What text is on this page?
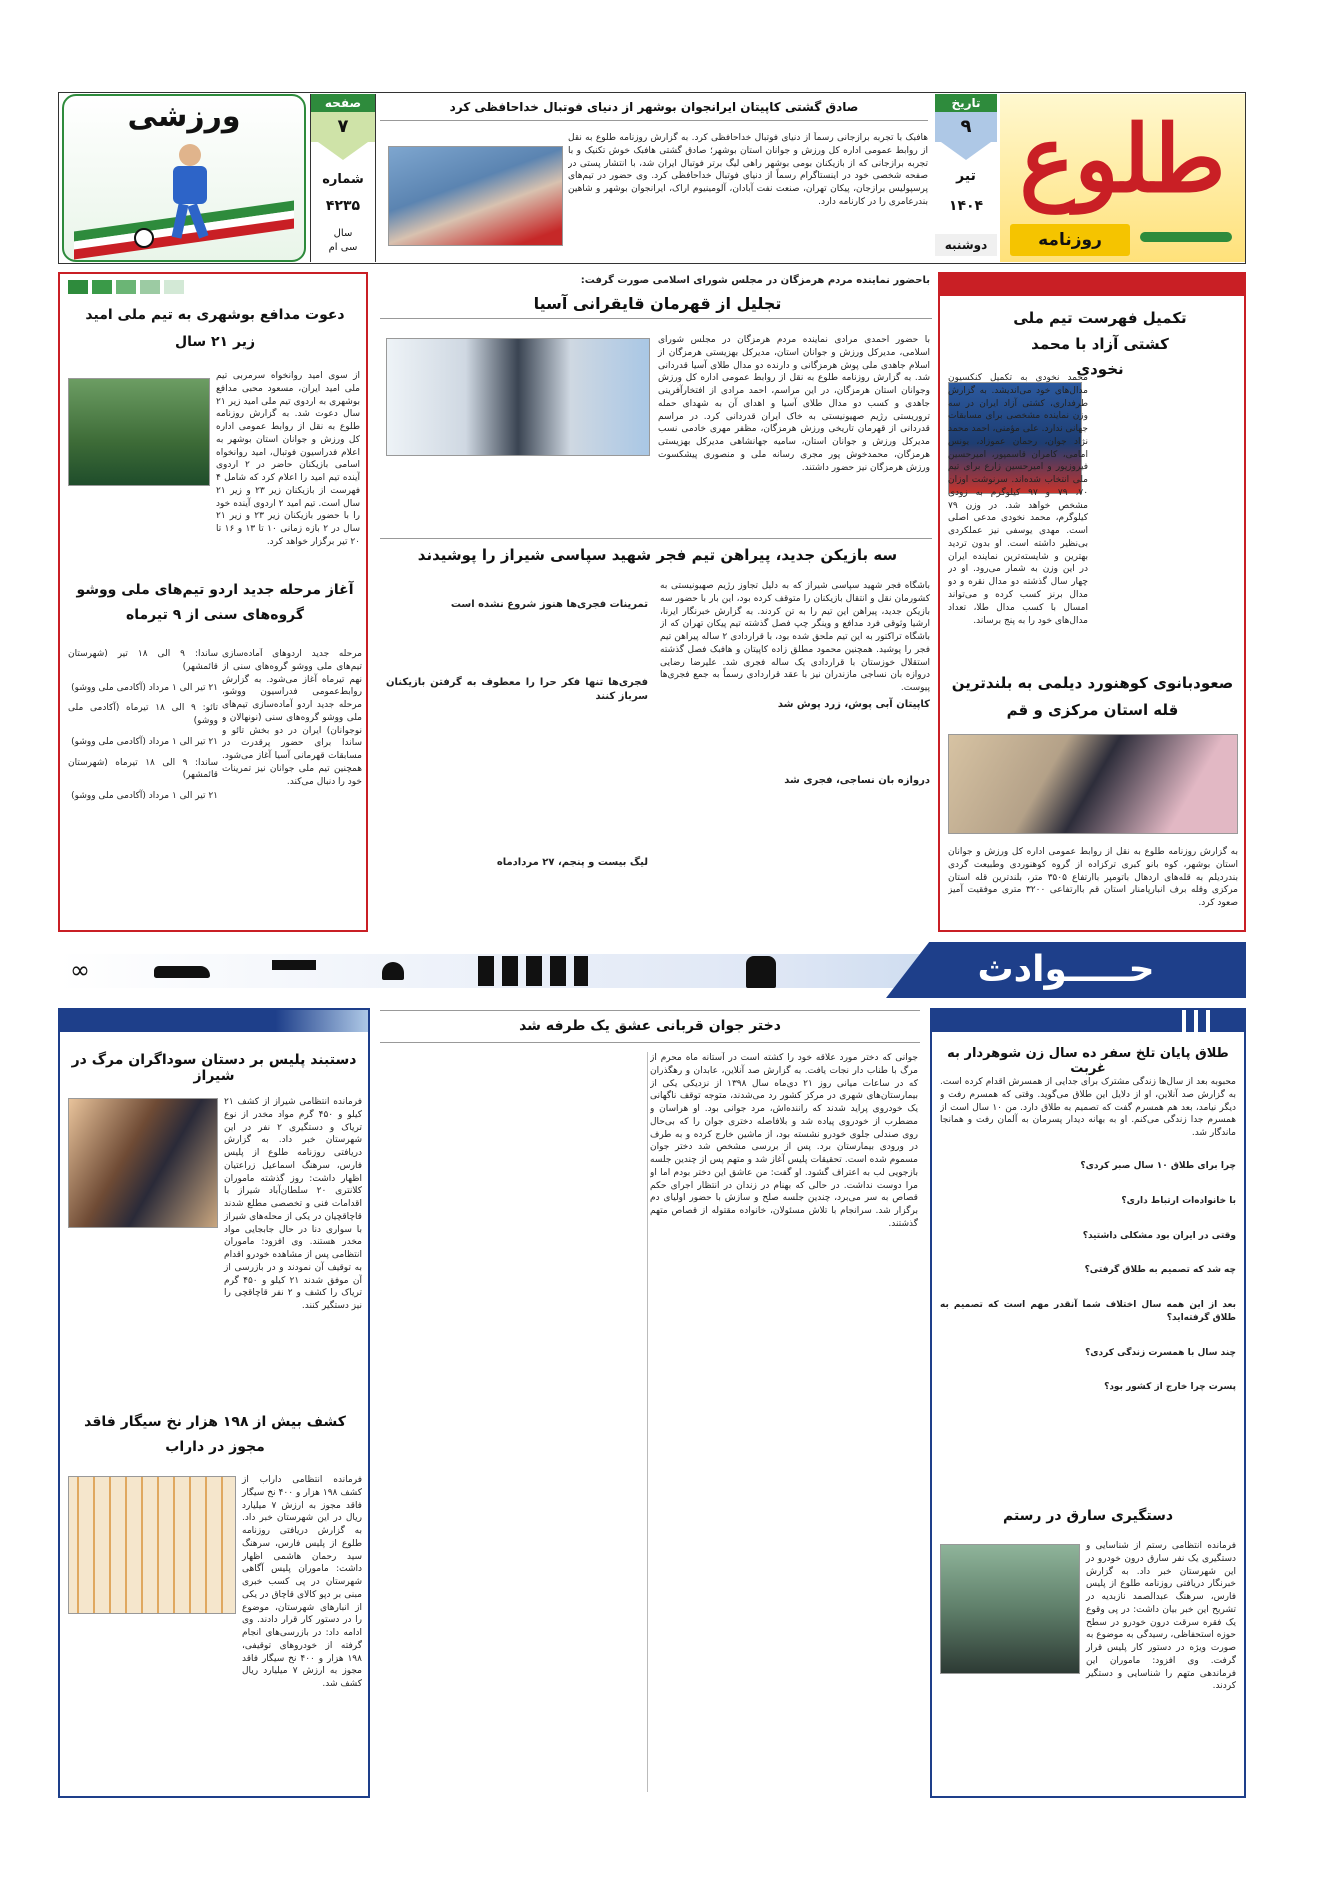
طلوع
روزنامه
تاریخ
۹
تیر
۱۴۰۴
دوشنبه
صادق گشتی کاپیتان ایرانجوان بوشهر از دنیای فوتبال خداحافظی کرد
هافبک با تجربه برازجانی رسماً از دنیای فوتبال خداحافظی کرد. به گزارش روزنامه طلوع به نقل از روابط عمومی اداره کل ورزش و جوانان استان بوشهر؛ صادق گشتی هافبک خوش تکنیک و با تجربه برازجانی که از بازیکنان بومی بوشهر راهی لیگ برتر فوتبال ایران شد، با انتشار پستی در صفحه شخصی خود در اینستاگرام رسماً از دنیای فوتبال خداحافظی کرد. وی حضور در تیم‌های پرسپولیس برازجان، پیکان تهران، صنعت نفت آبادان، آلومینیوم اراک، ایرانجوان بوشهر و شاهین بندرعامری را در کارنامه دارد.
صفحه
۷
شماره
۴۲۳۵
سال
سی ام
ورزشی
تکمیل فهرست تیم ملی کشتی آزاد با محمد نخودی
محمد نخودی به تکمیل کنکسیون مدال‌های خود می‌اندیشد. به گزارش طرفداری، کشتی آزاد ایران در سه وزن نماینده مشخصی برای مسابقات جهانی ندارد. علی مؤمنی، احمد محمد نژاد جوان، رحمان عموزاد، یونس امامی، کامران قاسمپور، امیرحسین فیروزپور و امیرحسین زارع برای تیم ملی انتخاب شده‌اند. سرنوشت اوزان ۷۰، ۷۹ و ۹۷ کیلوگرم به زودی مشخص خواهد شد. در وزن ۷۹ کیلوگرم، محمد نخودی مدعی اصلی است. مهدی یوسفی نیز عملکردی بی‌نظیر داشته است. او بدون تردید بهترین و شایسته‌ترین نماینده ایران در این وزن به شمار می‌رود. او در چهار سال گذشته دو مدال نقره و دو مدال برنز کسب کرده و می‌تواند امسال با کسب مدال طلا، تعداد مدال‌های خود را به پنج برساند.
صعودبانوی کوهنورد دیلمی به بلندترین قله استان مرکزی و قم
به گزارش روزنامه طلوع به نقل از روابط عمومی اداره کل ورزش و جوانان استان بوشهر، کوه بانو کبری ترکزاده از گروه کوهنوردی وطبیعت گردی بندردیلم به قله‌های اردهال باتومپر باارتفاع ۳۵۰۵ متر، بلندترین قله استان مرکزی وقله برف انبارپامنار استان قم باارتفاعی ۳۲۰۰ متری موفقیت آمیز صعود کرد.
باحضور نماینده مردم هرمزگان در مجلس شورای اسلامی صورت گرفت:
تجلیل از قهرمان قایقرانی آسیا
با حضور احمدی مرادی نماینده مردم هرمزگان در مجلس شورای اسلامی، مدیرکل ورزش و جوانان استان، مدیرکل بهزیستی هرمزگان از اسلام جاهدی ملی پوش هرمزگانی و دارنده دو مدال طلای آسیا قدردانی شد. به گزارش روزنامه طلوع به نقل از روابط عمومی اداره کل ورزش وجوانان استان هرمزگان، در این مراسم، احمد مرادی از افتخارآفرینی جاهدی و کسب دو مدال طلای آسیا و اهدای آن به شهدای حمله تروریستی رژیم صهیونیستی به خاک ایران قدردانی کرد. در مراسم قدردانی از قهرمان تاریخی ورزش هرمزگان، مظفر مهری خادمی نسب مدیرکل ورزش و جوانان استان، سامیه جهانشاهی مدیرکل بهزیستی هرمزگان، محمدخوش پور مجری رسانه ملی و منصوری پیشکسوت ورزش هرمزگان نیز حضور داشتند.
سه بازیکن جدید، پیراهن تیم فجر شهید سپاسی شیراز را پوشیدند
تمرینات فجری‌ها هنوز شروع نشده است
فجری‌ها تنها فکر حرا را معطوف به گرفتن بازیکنان سرباز کنند
لیگ بیست و پنجم، ۲۷ مردادماه
کاپیتان آبی پوش، زرد پوش شد
دروازه بان نساجی، فجری شد
باشگاه فجر شهید سپاسی شیراز که به دلیل تجاوز رژیم صهیونیستی به کشورمان نقل و انتقال بازیکنان را متوقف کرده بود، این بار با حضور سه بازیکن جدید، پیراهن این تیم را به تن کردند. به گزارش خبرنگار ایرنا، ارشیا وثوقی فرد مدافع و وینگر چپ فصل گذشته تیم پیکان تهران که از باشگاه تراکتور به این تیم ملحق شده بود، با قراردادی ۲ ساله پیراهن تیم فجر را پوشید. همچنین محمود مطلق زاده کاپیتان و هافبک فصل گذشته استقلال خوزستان با قراردادی یک ساله فجری شد. علیرضا رضایی دروازه بان نساجی مازندران نیز با عقد قراردادی رسماً به جمع فجری‌ها پیوست.
دعوت مدافع بوشهری به تیم ملی امید زیر ۲۱ سال
از سوی امید روانخواه سرمربی تیم ملی امید ایران، مسعود محبی مدافع بوشهری به اردوی تیم ملی امید زیر ۲۱ سال دعوت شد. به گزارش روزنامه طلوع به نقل از روابط عمومی اداره کل ورزش و جوانان استان بوشهر به اعلام فدراسیون فوتبال، امید روانخواه اسامی بازیکنان حاضر در ۲ اردوی آینده تیم امید را اعلام کرد که شامل ۴ فهرست از بازیکنان زیر ۲۳ و زیر ۲۱ سال است. تیم امید ۲ اردوی آینده خود را با حضور بازیکنان زیر ۲۳ و زیر ۲۱ سال در ۲ بازه زمانی ۱۰ تا ۱۳ و ۱۶ تا ۲۰ تیر برگزار خواهد کرد.
آغاز مرحله جدید اردو تیم‌های ملی ووشو گروه‌های سنی از ۹ تیرماه
مرحله جدید اردوهای آماده‌سازی تیم‌های ملی ووشو گروه‌های سنی از نهم تیرماه آغاز می‌شود. به گزارش روابط‌عمومی فدراسیون ووشو، مرحله جدید اردو آماده‌سازی تیم‌های ملی ووشو گروه‌های سنی (نونهالان و نوجوانان) ایران در دو بخش تائو و ساندا برای حضور پرقدرت در مسابقات قهرمانی آسیا آغاز می‌شود. همچنین تیم ملی جوانان نیز تمرینات خود را دنبال می‌کند.
ساندا: ۹ الی ۱۸ تیر (شهرستان قائمشهر)
۲۱ تیر الی ۱ مرداد (آکادمی ملی ووشو)
تائو: ۹ الی ۱۸ تیرماه (آکادمی ملی ووشو)
۲۱ تیر الی ۱ مرداد (آکادمی ملی ووشو)
ساندا: ۹ الی ۱۸ تیرماه (شهرستان قائمشهر)
۲۱ تیر الی ۱ مرداد (آکادمی ملی ووشو)
حـــــوادث
∞
طلاق پایان تلخ سفر ده سال زن شوهردار به غربت
محبوبه بعد از سال‌ها زندگی مشترک برای جدایی از همسرش اقدام کرده است. به گزارش صد آنلاین، او از دلایل این طلاق می‌گوید. وقتی که همسرم رفت و دیگر نیامد، بعد هم همسرم گفت که تصمیم به طلاق دارد. من ۱۰ سال است از همسرم جدا زندگی می‌کنم. او به بهانه دیدار پسرمان به آلمان رفت و همانجا ماندگار شد.
چرا برای طلاق ۱۰ سال صبر کردی؟
با خانواده‌ات ارتباط داری؟
وقتی در ایران بود مشکلی داشتید؟
چه شد که تصمیم به طلاق گرفتی؟
بعد از این همه سال اختلاف شما آنقدر مهم است که تصمیم به طلاق گرفته‌اید؟
چند سال با همسرت زندگی کردی؟
پسرت چرا خارج از کشور بود؟
دستگیری سارق در رستم
فرمانده انتظامی رستم از شناسایی و دستگیری یک نفر سارق درون خودرو در این شهرستان خبر داد. به گزارش خبرنگار دریافتی روزنامه طلوع از پلیس فارس، سرهنگ عبدالصمد نازبدیه در تشریح این خبر بیان داشت: در پی وقوع یک فقره سرقت درون خودرو در سطح حوزه استحفاظی، رسیدگی به موضوع به صورت ویژه در دستور کار پلیس قرار گرفت. وی افزود: ماموران این فرماندهی متهم را شناسایی و دستگیر کردند.
دختر جوان قربانی عشق یک طرفه شد
جوانی که دختر مورد علاقه خود را کشته است در آستانه ماه محرم از مرگ با طناب دار نجات یافت. به گزارش صد آنلاین، عابدان و رهگذران که در ساعات میانی روز ۲۱ دی‌ماه سال ۱۳۹۸ از نزدیکی یکی از بیمارستان‌های شهری در مرکز کشور رد می‌شدند، متوجه توقف ناگهانی یک خودروی پراید شدند که راننده‌اش، مرد جوانی بود. او هراسان و مضطرب از خودروی پیاده شد و بلافاصله دختری جوان را که بی‌حال روی صندلی جلوی خودرو نشسته بود، از ماشین خارج کرده و به طرف در ورودی بیمارستان برد. پس از بررسی مشخص شد دختر جوان مسموم شده است. تحقیقات پلیس آغاز شد و متهم پس از چندین جلسه بازجویی لب به اعتراف گشود. او گفت: من عاشق این دختر بودم اما او مرا دوست نداشت. در حالی که بهنام در زندان در انتظار اجرای حکم قصاص به سر می‌برد، چندین جلسه صلح و سازش با حضور اولیای دم برگزار شد. سرانجام با تلاش مسئولان، خانواده مقتوله از قصاص متهم گذشتند.
دستبند پلیس بر دستان سوداگران مرگ در شیراز
فرمانده انتظامی شیراز از کشف ۲۱ کیلو و ۴۵۰ گرم مواد مخدر از نوع تریاک و دستگیری ۲ نفر در این شهرستان خبر داد. به گزارش دریافتی روزنامه طلوع از پلیس فارس، سرهنگ اسماعیل زراعتیان اظهار داشت: روز گذشته ماموران کلانتری ۲۰ سلطان‌آباد شیراز با اقدامات فنی و تخصصی مطلع شدند قاچاقچیان در یکی از محله‌های شیراز با سواری دنا در حال جابجایی مواد مخدر هستند. وی افزود: ماموران انتظامی پس از مشاهده خودرو اقدام به توقیف آن نمودند و در بازرسی از آن موفق شدند ۲۱ کیلو و ۴۵۰ گرم تریاک را کشف و ۲ نفر قاچاقچی را نیز دستگیر کنند.
کشف بیش از ۱۹۸ هزار نخ سیگار فاقد مجوز در داراب
فرمانده انتظامی داراب از کشف ۱۹۸ هزار و ۴۰۰ نخ سیگار فاقد مجوز به ارزش ۷ میلیارد ریال در این شهرستان خبر داد. به گزارش دریافتی روزنامه طلوع از پلیس فارس، سرهنگ سید رحمان هاشمی اظهار داشت: ماموران پلیس آگاهی شهرستان در پی کسب خبری مبنی بر دپو کالای قاچاق در یکی از انبارهای شهرستان، موضوع را در دستور کار قرار دادند. وی ادامه داد: در بازرسی‌های انجام گرفته از خودروهای توقیفی، ۱۹۸ هزار و ۴۰۰ نخ سیگار فاقد مجوز به ارزش ۷ میلیارد ریال کشف شد.
